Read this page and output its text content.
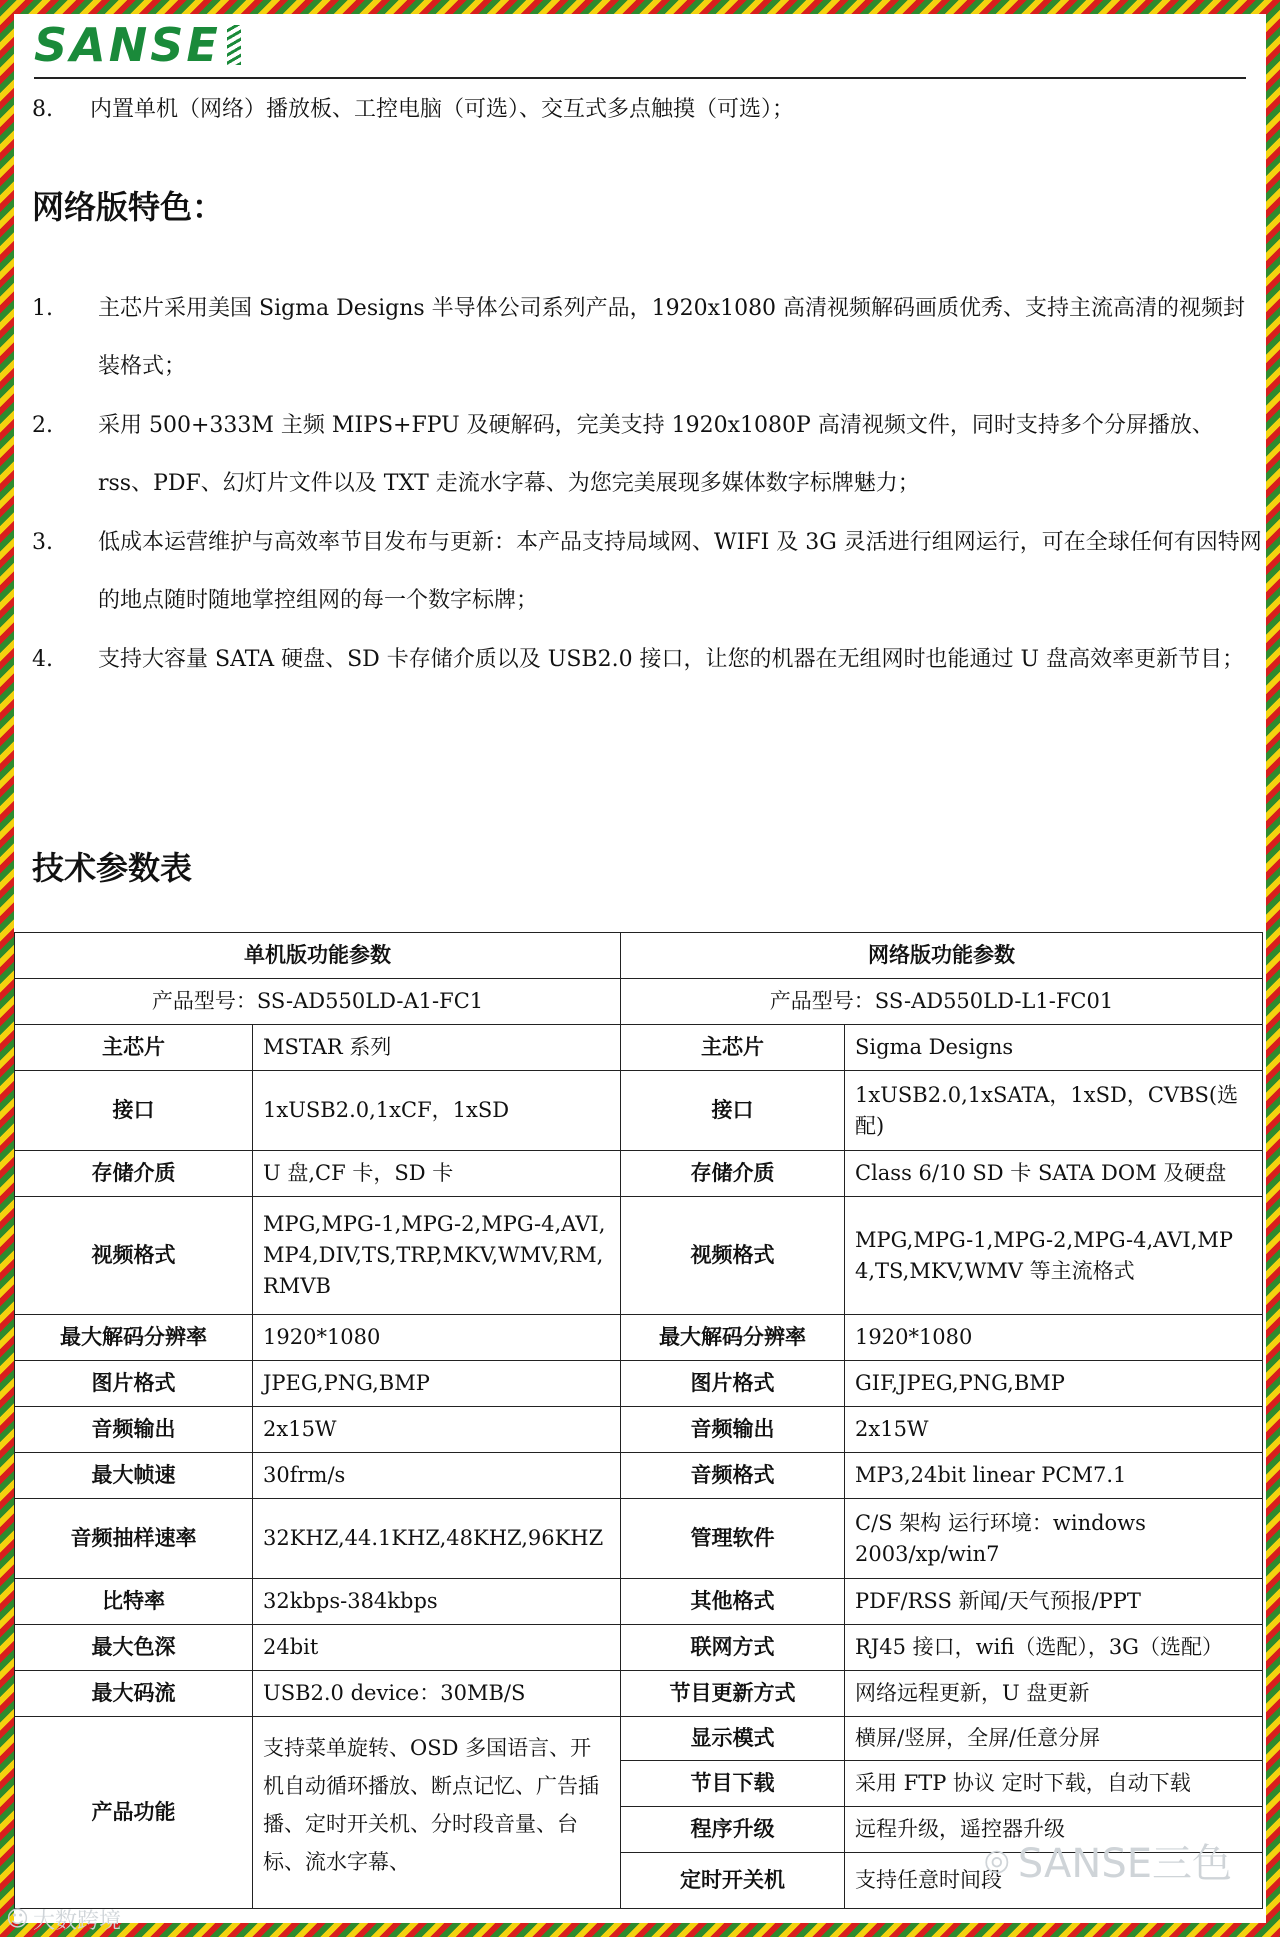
SANSE
8. 内置单机（网络）播放板、工控电脑（可选）、交互式多点触摸（可选）；
网络版特色：
1. 主芯片采用美国 Sigma Designs 半导体公司系列产品，1920x1080 高清视频解码画质优秀、支持主流高清的视频封装格式；
2. 采用 500+333M 主频 MIPS+FPU 及硬解码，完美支持 1920x1080P 高清视频文件，同时支持多个分屏播放、rss、PDF、幻灯片文件以及 TXT 走流水字幕、为您完美展现多媒体数字标牌魅力；
3. 低成本运营维护与高效率节目发布与更新：本产品支持局域网、WIFI 及 3G 灵活进行组网运行，可在全球任何有因特网的地点随时随地掌控组网的每一个数字标牌；
4. 支持大容量 SATA 硬盘、SD 卡存储介质以及 USB2.0 接口，让您的机器在无组网时也能通过 U 盘高效率更新节目；
技术参数表
单机版功能参数		网络版功能参数	
产品型号：SS-AD550LD-A1-FC1		产品型号：SS-AD550LD-L1-FC01	
主芯片	MSTAR 系列	主芯片	Sigma Designs
接口	1xUSB2.0,1xCF，1xSD	接口	1xUSB2.0,1xSATA，1xSD，CVBS(选配)
存储介质	U 盘,CF 卡，SD 卡	存储介质	Class 6/10 SD 卡 SATA DOM 及硬盘
视频格式	MPG,MPG-1,MPG-2,MPG-4,AVI,MP4,DIV,TS,TRP,MKV,WMV,RM,RMVB	视频格式	MPG,MPG-1,MPG-2,MPG-4,AVI,MP4,TS,MKV,WMV 等主流格式
最大解码分辨率	1920*1080	最大解码分辨率	1920*1080
图片格式	JPEG,PNG,BMP	图片格式	GIF,JPEG,PNG,BMP
音频输出	2x15W	音频输出	2x15W
最大帧速	30frm/s	音频格式	MP3,24bit linear PCM7.1
音频抽样速率	32KHZ,44.1KHZ,48KHZ,96KHZ	管理软件	C/S 架构 运行环境：windows 2003/xp/win7
比特率	32kbps-384kbps	其他格式	PDF/RSS 新闻/天气预报/PPT
最大色深	24bit	联网方式	RJ45 接口，wifi（选配），3G（选配）
最大码流	USB2.0 device：30MB/S	节目更新方式	网络远程更新，U 盘更新
产品功能	支持菜单旋转、OSD 多国语言、开机自动循环播放、断点记忆、广告插播、定时开关机、分时段音量、台标、流水字幕、	显示模式	横屏/竖屏，全屏/任意分屏
		节目下载	采用 FTP 协议 定时下载，自动下载
		程序升级	远程升级，遥控器升级
		定时开关机	支持任意时间段
◎ SANSE三色
☺ 大数跨境
